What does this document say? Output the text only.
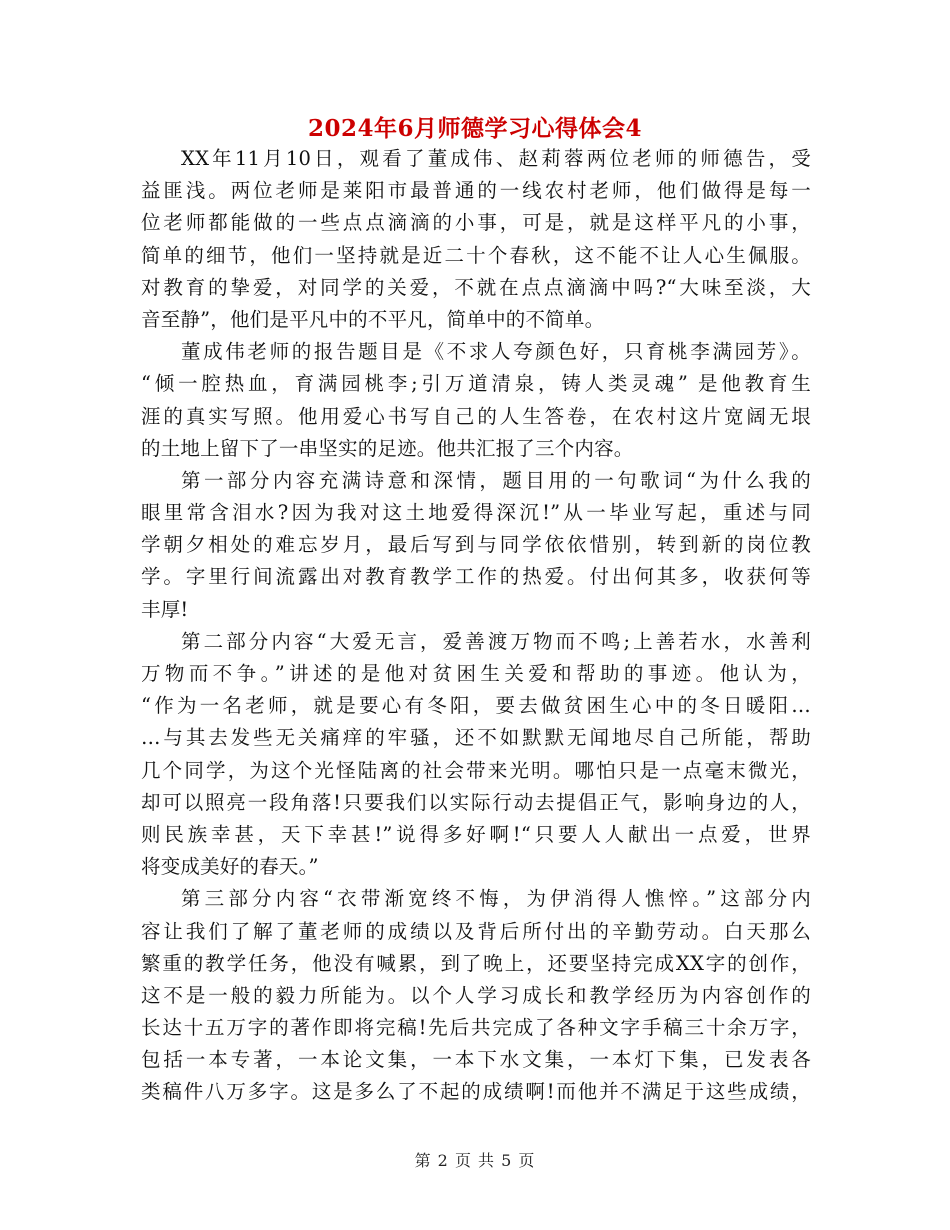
2024年6月师德学习心得体会4
XX年11月10日，观看了董成伟、赵莉蓉两位老师的师德告，受
益匪浅。两位老师是莱阳市最普通的一线农村老师，他们做得是每一
位老师都能做的一些点点滴滴的小事，可是，就是这样平凡的小事，
简单的细节，他们一坚持就是近二十个春秋，这不能不让人心生佩服。
对教育的挚爱，对同学的关爱，不就在点点滴滴中吗?“大味至淡，大
音至静”，他们是平凡中的不平凡，简单中的不简单。
董成伟老师的报告题目是《不求人夸颜色好，只育桃李满园芳》。
“倾一腔热血，育满园桃李;引万道清泉，铸人类灵魂” 是他教育生
涯的真实写照。他用爱心书写自己的人生答卷，在农村这片宽阔无垠
的土地上留下了一串坚实的足迹。他共汇报了三个内容。
第一部分内容充满诗意和深情，题目用的一句歌词“为什么我的
眼里常含泪水?因为我对这土地爱得深沉!”从一毕业写起，重述与同
学朝夕相处的难忘岁月，最后写到与同学依依惜别，转到新的岗位教
学。字里行间流露出对教育教学工作的热爱。付出何其多，收获何等
丰厚!
第二部分内容“大爱无言，爱善渡万物而不鸣;上善若水，水善利
万物而不争。”讲述的是他对贫困生关爱和帮助的事迹。他认为，
“作为一名老师，就是要心有冬阳，要去做贫困生心中的冬日暖阳…
…与其去发些无关痛痒的牢骚，还不如默默无闻地尽自己所能，帮助
几个同学，为这个光怪陆离的社会带来光明。哪怕只是一点毫末微光，
却可以照亮一段角落!只要我们以实际行动去提倡正气，影响身边的人，
则民族幸甚，天下幸甚!”说得多好啊!“只要人人献出一点爱，世界
将变成美好的春天。”
第三部分内容“衣带渐宽终不悔，为伊消得人憔悴。”这部分内
容让我们了解了董老师的成绩以及背后所付出的辛勤劳动。白天那么
繁重的教学任务，他没有喊累，到了晚上，还要坚持完成XX字的创作，
这不是一般的毅力所能为。以个人学习成长和教学经历为内容创作的
长达十五万字的著作即将完稿!先后共完成了各种文字手稿三十余万字，
包括一本专著，一本论文集，一本下水文集，一本灯下集，已发表各
类稿件八万多字。这是多么了不起的成绩啊!而他并不满足于这些成绩，
第 2 页 共 5 页
